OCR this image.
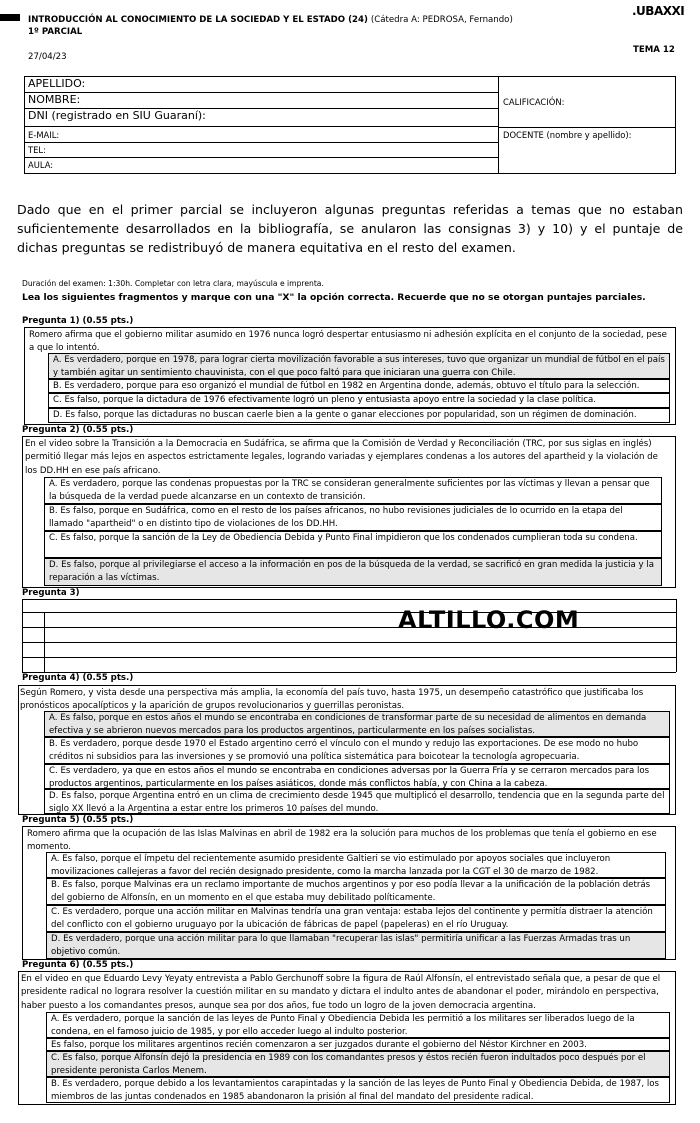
INTRODUCCIÓN AL CONOCIMIENTO DE LA SOCIEDAD Y EL ESTADO (24) (Cátedra A: PEDROSA, Fernando)
1º PARCIAL
27/04/23
.UBAXXI
TEMA 12
APELLIDO:
NOMBRE:
DNI (registrado en SIU Guaraní):
E-MAIL:
TEL:
AULA:
CALIFICACIÓN:
DOCENTE (nombre y apellido):
Dado que en el primer parcial se incluyeron algunas preguntas referidas a temas que no estaban suficientemente desarrollados en la bibliografía, se anularon las consignas 3) y 10) y el puntaje de dichas preguntas se redistribuyó de manera equitativa en el resto del examen.
Duración del examen: 1:30h. Completar con letra clara, mayúscula e imprenta.
Lea los siguientes fragmentos y marque con una "X" la opción correcta. Recuerde que no se otorgan puntajes parciales.
Pregunta 1) (0.55 pts.)
Romero afirma que el gobierno militar asumido en 1976 nunca logró despertar entusiasmo ni adhesión explícita en el conjunto de la sociedad, pese a que lo intentó.
A. Es verdadero, porque en 1978, para lograr cierta movilización favorable a sus intereses, tuvo que organizar un mundial de fútbol en el país y también agitar un sentimiento chauvinista, con el que poco faltó para que iniciaran una guerra con Chile.
B. Es verdadero, porque para eso organizó el mundial de fútbol en 1982 en Argentina donde, además, obtuvo el título para la selección.
C. Es falso, porque la dictadura de 1976 efectivamente logró un pleno y entusiasta apoyo entre la sociedad y la clase política.
D. Es falso, porque las dictaduras no buscan caerle bien a la gente o ganar elecciones por popularidad, son un régimen de dominación.
Pregunta 2) (0.55 pts.)
En el video sobre la Transición a la Democracia en Sudáfrica, se afirma que la Comisión de Verdad y Reconciliación (TRC, por sus siglas en inglés) permitió llegar más lejos en aspectos estrictamente legales, logrando variadas y ejemplares condenas a los autores del apartheid y la violación de los DD.HH en ese país africano.
A. Es verdadero, porque las condenas propuestas por la TRC se consideran generalmente suficientes por las víctimas y llevan a pensar que la búsqueda de la verdad puede alcanzarse en un contexto de transición.
B. Es falso, porque en Sudáfrica, como en el resto de los países africanos, no hubo revisiones judiciales de lo ocurrido en la etapa del llamado "apartheid" o en distinto tipo de violaciones de los DD.HH.
C. Es falso, porque la sanción de la Ley de Obediencia Debida y Punto Final impidieron que los condenados cumplieran toda su condena.
D. Es falso, porque al privilegiarse el acceso a la información en pos de la búsqueda de la verdad, se sacrificó en gran medida la justicia y la reparación a las víctimas.
Pregunta 3)
ALTILLO.COM
Pregunta 4) (0.55 pts.)
Según Romero, y vista desde una perspectiva más amplia, la economía del país tuvo, hasta 1975, un desempeño catastrófico que justificaba los pronósticos apocalípticos y la aparición de grupos revolucionarios y guerrillas peronistas.
A. Es falso, porque en estos años el mundo se encontraba en condiciones de transformar parte de su necesidad de alimentos en demanda efectiva y se abrieron nuevos mercados para los productos argentinos, particularmente en los países socialistas.
B. Es verdadero, porque desde 1970 el Estado argentino cerró el vínculo con el mundo y redujo las exportaciones. De ese modo no hubo créditos ni subsidios para las inversiones y se promovió una política sistemática para boicotear la tecnología agropecuaria.
C. Es verdadero, ya que en estos años el mundo se encontraba en condiciones adversas por la Guerra Fría y se cerraron mercados para los productos argentinos, particularmente en los países asiáticos, donde más conflictos había, y con China a la cabeza.
D. Es falso, porque Argentina entró en un clima de crecimiento desde 1945 que multiplicó el desarrollo, tendencia que en la segunda parte del siglo XX llevó a la Argentina a estar entre los primeros 10 países del mundo.
Pregunta 5) (0.55 pts.)
Romero afirma que la ocupación de las Islas Malvinas en abril de 1982 era la solución para muchos de los problemas que tenía el gobierno en ese momento.
A. Es falso, porque el ímpetu del recientemente asumido presidente Galtieri se vio estimulado por apoyos sociales que incluyeron movilizaciones callejeras a favor del recién designado presidente, como la marcha lanzada por la CGT el 30 de marzo de 1982.
B. Es falso, porque Malvinas era un reclamo importante de muchos argentinos y por eso podía llevar a la unificación de la población detrás del gobierno de Alfonsín, en un momento en el que estaba muy debilitado políticamente.
C. Es verdadero, porque una acción militar en Malvinas tendría una gran ventaja: estaba lejos del continente y permitía distraer la atención del conflicto con el gobierno uruguayo por la ubicación de fábricas de papel (papeleras) en el río Uruguay.
D. Es verdadero, porque una acción militar para lo que llamaban "recuperar las islas" permitiría unificar a las Fuerzas Armadas tras un objetivo común.
Pregunta 6) (0.55 pts.)
En el video en que Eduardo Levy Yeyaty entrevista a Pablo Gerchunoff sobre la figura de Raúl Alfonsín, el entrevistado señala que, a pesar de que el presidente radical no lograra resolver la cuestión militar en su mandato y dictara el indulto antes de abandonar el poder, mirándolo en perspectiva, haber puesto a los comandantes presos, aunque sea por dos años, fue todo un logro de la joven democracia argentina.
A. Es verdadero, porque la sanción de las leyes de Punto Final y Obediencia Debida les permitió a los militares ser liberados luego de la condena, en el famoso juicio de 1985, y por ello acceder luego al indulto posterior.
Es falso, porque los militares argentinos recién comenzaron a ser juzgados durante el gobierno del Néstor Kirchner en 2003.
C. Es falso, porque Alfonsín dejó la presidencia en 1989 con los comandantes presos y éstos recién fueron indultados poco después por el presidente peronista Carlos Menem.
B. Es verdadero, porque debido a los levantamientos carapintadas y la sanción de las leyes de Punto Final y Obediencia Debida, de 1987, los miembros de las juntas condenados en 1985 abandonaron la prisión al final del mandato del presidente radical.
